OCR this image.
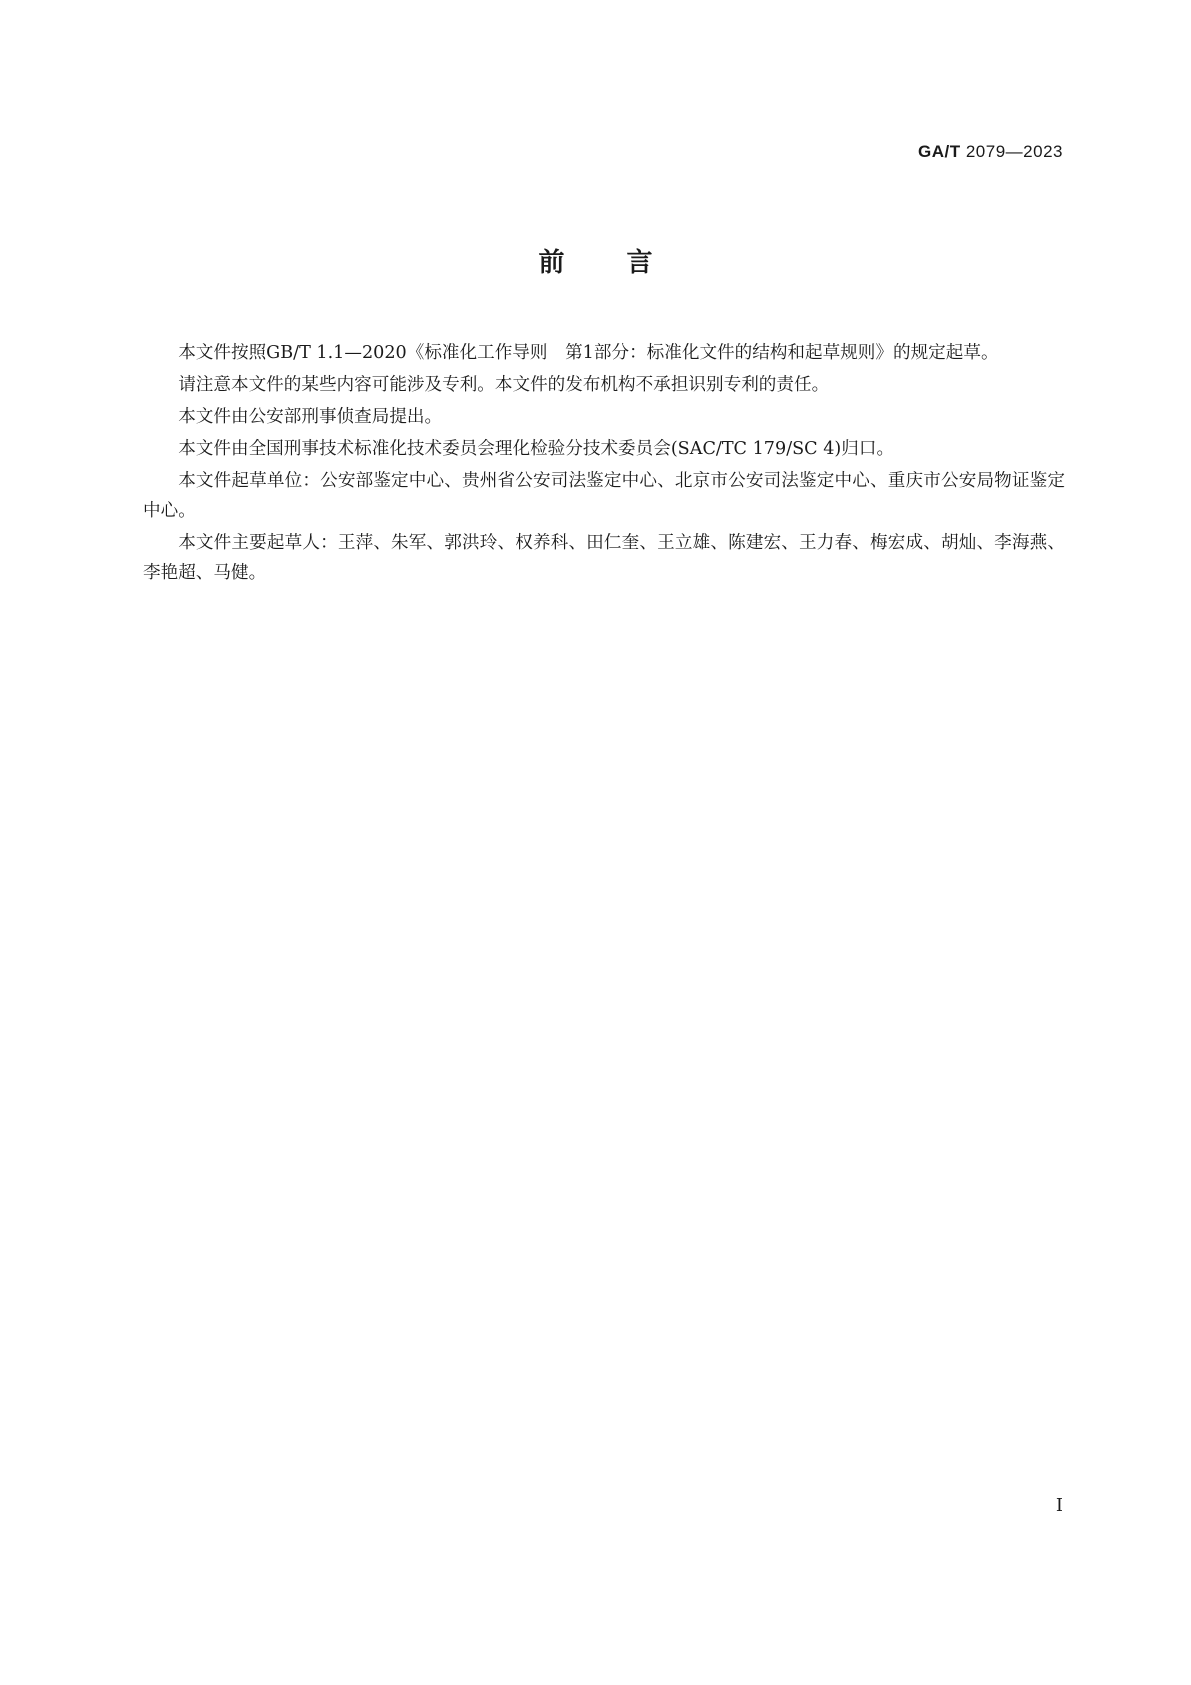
GA/T 2079—2023
前言

本文件按照GB/T 1.1—2020《标准化工作导则　第1部分：标准化文件的结构和起草规则》的规定起草。

请注意本文件的某些内容可能涉及专利。本文件的发布机构不承担识别专利的责任。

本文件由公安部刑事侦查局提出。

本文件由全国刑事技术标准化技术委员会理化检验分技术委员会(SAC/TC 179/SC 4)归口。

本文件起草单位：公安部鉴定中心、贵州省公安司法鉴定中心、北京市公安司法鉴定中心、重庆市公安局物证鉴定中心。

本文件主要起草人：王萍、朱军、郭洪玲、权养科、田仁奎、王立雄、陈建宏、王力春、梅宏成、胡灿、李海燕、李艳超、马健。

I
